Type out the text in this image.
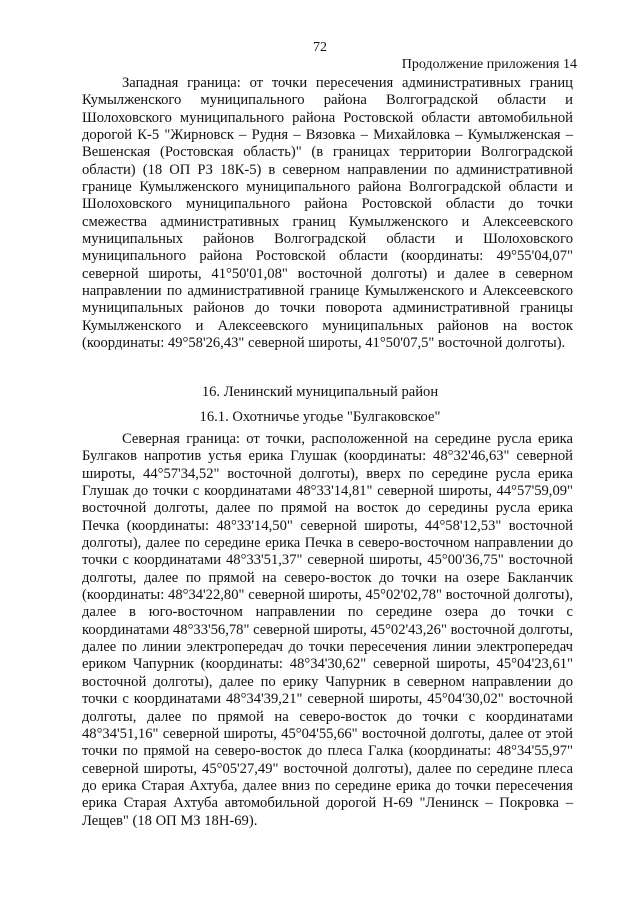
72
Продолжение приложения 14

Западная граница: от точки пересечения административных границ Кумылженского муниципального района Волгоградской области и Шолоховского муниципального района Ростовской области автомобильной дорогой К-5 "Жирновск – Рудня – Вязовка – Михайловка – Кумылженская – Вешенская (Ростовская область)" (в границах территории Волгоградской области) (18 ОП РЗ 18К-5) в северном направлении по административной границе Кумылженского муниципального района Волгоградской области и Шолоховского муниципального района Ростовской области до точки смежества административных границ Кумылженского и Алексеевского муниципальных районов Волгоградской области и Шолоховского муниципального района Ростовской области (координаты: 49°55'04,07" северной широты, 41°50'01,08" восточной долготы) и далее в северном направлении по административной границе Кумылженского и Алексеевского муниципальных районов до точки поворота административной границы Кумылженского и Алексеевского муниципальных районов на восток (координаты: 49°58'26,43" северной широты, 41°50'07,5" восточной долготы).

16. Ленинский муниципальный район
16.1. Охотничье угодье "Булгаковское"

Северная граница: от точки, расположенной на середине русла ерика Булгаков напротив устья ерика Глушак (координаты: 48°32'46,63" северной широты, 44°57'34,52" восточной долготы), вверх по середине русла ерика Глушак до точки с координатами 48°33'14,81" северной широты, 44°57'59,09" восточной долготы, далее по прямой на восток до середины русла ерика Печка (координаты: 48°33'14,50" северной широты, 44°58'12,53" восточной долготы), далее по середине ерика Печка в северо-восточном направлении до точки с координатами 48°33'51,37" северной широты, 45°00'36,75" восточной долготы, далее по прямой на северо-восток до точки на озере Бакланчик (координаты: 48°34'22,80" северной широты, 45°02'02,78" восточной долготы), далее в юго-восточном направлении по середине озера до точки с координатами 48°33'56,78" северной широты, 45°02'43,26" восточной долготы, далее по линии электропередач до точки пересечения линии электропередач ериком Чапурник (координаты: 48°34'30,62" северной широты, 45°04'23,61" восточной долготы), далее по ерику Чапурник в северном направлении до точки с координатами 48°34'39,21" северной широты, 45°04'30,02" восточной долготы, далее по прямой на северо-восток до точки с координатами 48°34'51,16" северной широты, 45°04'55,66" восточной долготы, далее от этой точки по прямой на северо-восток до плеса Галка (координаты: 48°34'55,97" северной широты, 45°05'27,49" восточной долготы), далее по середине плеса до ерика Старая Ахтуба, далее вниз по середине ерика до точки пересечения ерика Старая Ахтуба автомобильной дорогой Н-69 "Ленинск – Покровка – Лещев" (18 ОП МЗ 18Н-69).
